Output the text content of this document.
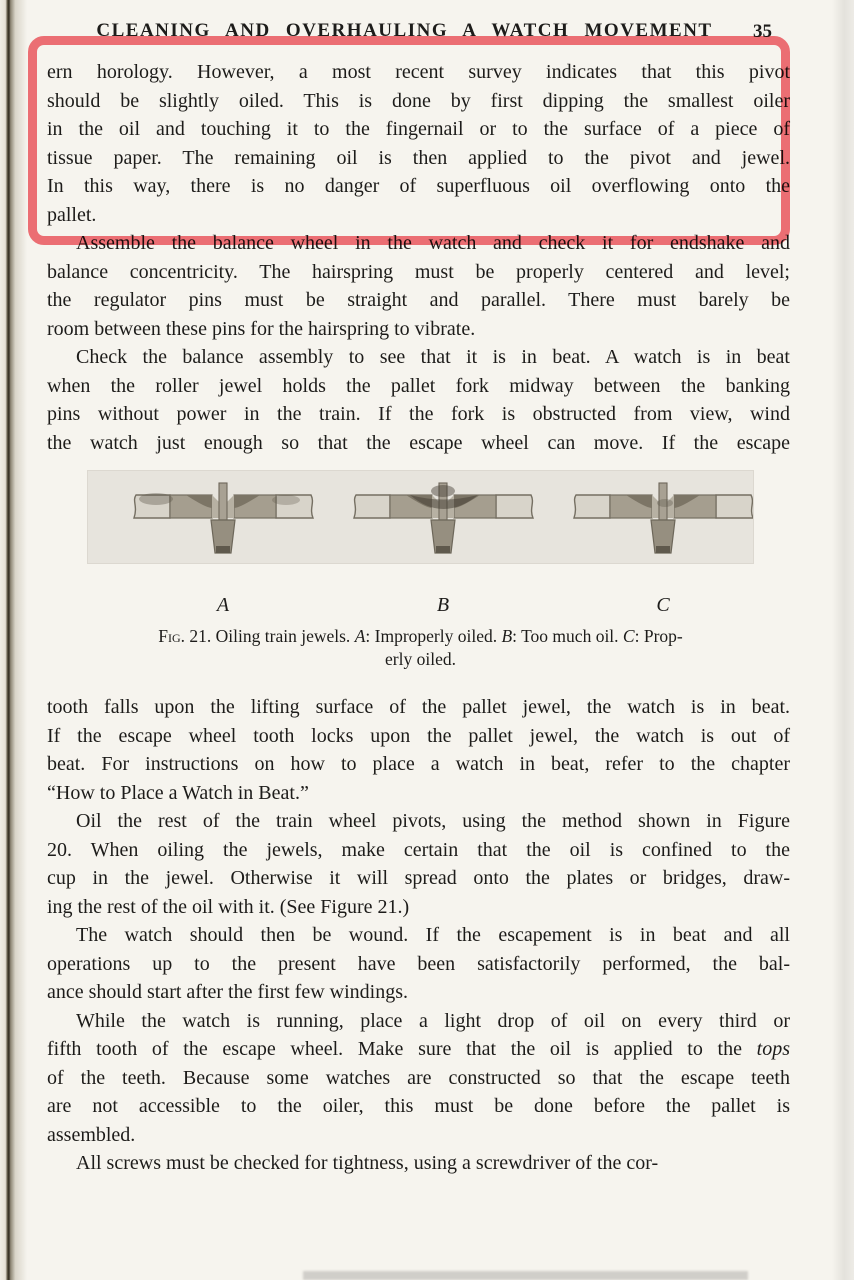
CLEANING AND OVERHAULING A WATCH MOVEMENT 35
ern horology. However, a most recent survey indicates that this pivot
should be slightly oiled. This is done by first dipping the smallest oiler
in the oil and touching it to the fingernail or to the surface of a piece of
tissue paper. The remaining oil is then applied to the pivot and jewel.
In this way, there is no danger of superfluous oil overflowing onto the
pallet.
Assemble the balance wheel in the watch and check it for endshake and
balance concentricity. The hairspring must be properly centered and level;
the regulator pins must be straight and parallel. There must barely be
room between these pins for the hairspring to vibrate.
Check the balance assembly to see that it is in beat. A watch is in beat
when the roller jewel holds the pallet fork midway between the banking
pins without power in the train. If the fork is obstructed from view, wind
the watch just enough so that the escape wheel can move. If the escape
A	B	C
Fig. 21. Oiling train jewels. A: Improperly oiled. B: Too much oil. C: Prop-
erly oiled.
tooth falls upon the lifting surface of the pallet jewel, the watch is in beat.
If the escape wheel tooth locks upon the pallet jewel, the watch is out of
beat. For instructions on how to place a watch in beat, refer to the chapter
“How to Place a Watch in Beat.”
Oil the rest of the train wheel pivots, using the method shown in Figure
20. When oiling the jewels, make certain that the oil is confined to the
cup in the jewel. Otherwise it will spread onto the plates or bridges, draw-
ing the rest of the oil with it. (See Figure 21.)
The watch should then be wound. If the escapement is in beat and all
operations up to the present have been satisfactorily performed, the bal-
ance should start after the first few windings.
While the watch is running, place a light drop of oil on every third or
fifth tooth of the escape wheel. Make sure that the oil is applied to the tops
of the teeth. Because some watches are constructed so that the escape teeth
are not accessible to the oiler, this must be done before the pallet is
assembled.
All screws must be checked for tightness, using a screwdriver of the cor-
